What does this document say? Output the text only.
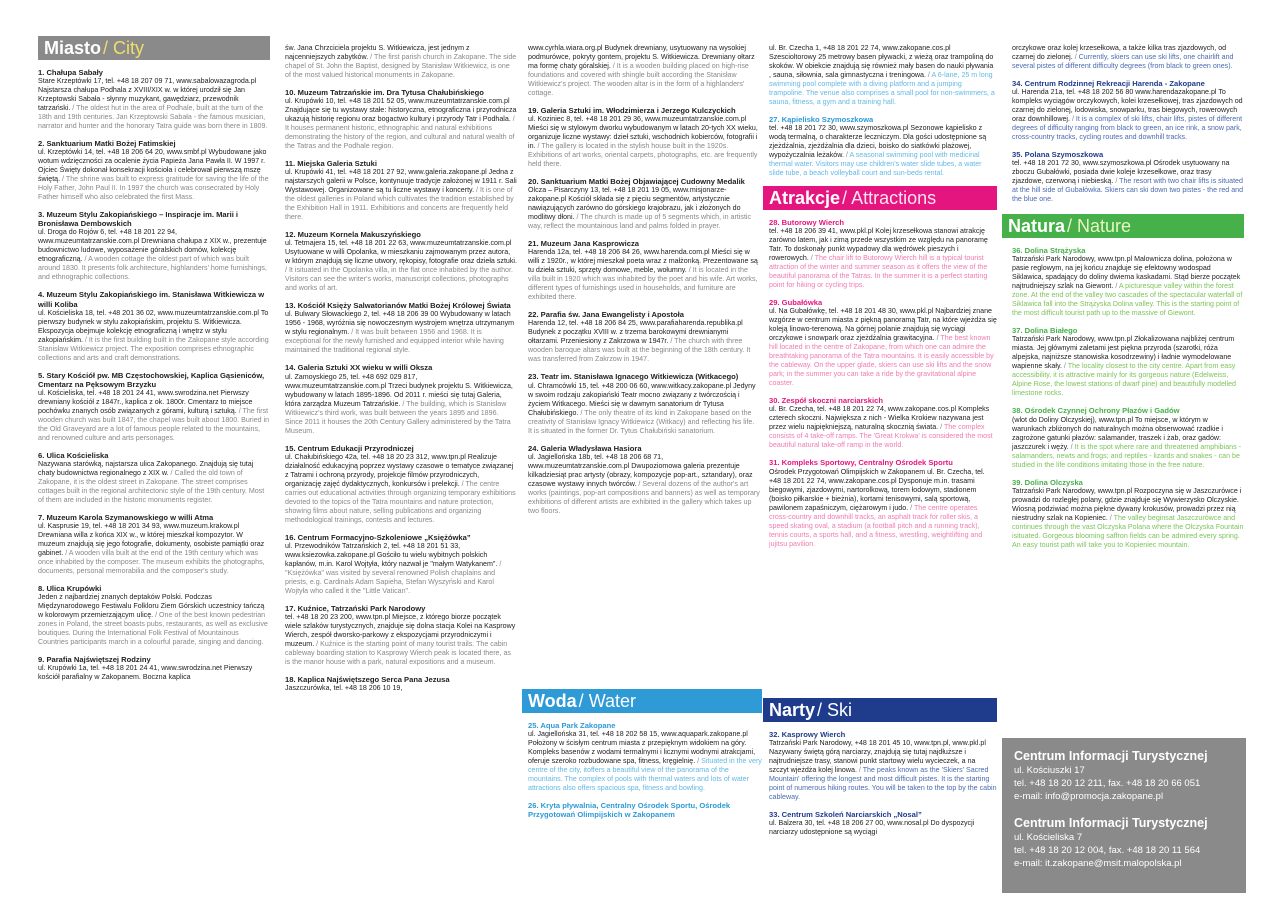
Miasto / City
1. Chałupa Sabały
Stare Krzeptówki 17, tel. +48 18 207 09 71, www.sabalowazagroda.pl Najstarsza chałupa Podhala z XVIII/XIX w. w której urodził się Jan Krzeptowski Sabała - słynny muzykant, gawędziarz, przewodnik tatrzański. / The oldest hut in the area of Podhale, built at the turn of the 18th and 19th centuries. Jan Krzeptowski Sabała - the famous musician, narrator and hunter and the honorary Tatra guide was born there in 1809.
2. Sanktuarium Matki Bożej Fatimskiej
ul. Krzeptówki 14, tel. +48 18 206 64 20, www.smbf.pl Wybudowane jako wotum wdzięczności za ocalenie życia Papieża Jana Pawła II. W 1997 r. Ojciec Święty dokonał konsekracji kościoła i celebrował pierwszą mszę świętą. / The shrine was built to express gratitude for saving the life of the Holy Father, John Paul II. In 1997 the church was consecrated by Holy Father himself who also celebrated the first Mass.
3. Muzeum Stylu Zakopiańskiego – Inspiracje im. Marii i Bronisława Dembowskich
ul. Droga do Rojów 6, tel. +48 18 201 22 94, www.muzeumtatrzanskie.com.pl Drewniana chałupa z XIX w., prezentuje budownictwo ludowe, wyposażenie góralskich domów, kolekcję etnograficzną. / A wooden cottage the oldest part of which was built around 1830. It presents folk architecture, highlanders' home furnishings, and ethnographic collections.
4. Muzeum Stylu Zakopiańskiego im. Stanisława Witkiewicza w willi Koliba
ul. Kościeliska 18, tel. +48 201 36 02, www.muzeumtatrzanskie.com.pl To pierwszy budynek w stylu zakopiańskim, projektu S. Witkiewicza. Ekspozycja obejmuje kolekcję etnograficzną i wnętrz w stylu zakopiańskim. / It is the first building built in the Zakopane style according Stanisław Witkiewicz project. The exposition comprises ethnographic collections and arts and craft demonstrations.
5. Stary Kościół pw. MB Częstochowskiej, Kaplica Gąsieniców, Cmentarz na Pęksowym Brzyzku
ul. Kościeliska, tel. +48 18 201 24 41, www.swrodzina.net Pierwszy drewniany kościół z 1847r., kaplica z ok. 1800r. Cmentarz to miejsce pochówku znanych osób związanych z górami, kulturą i sztuką. / The first wooden church was built 1847, the chapel was built about 1800. Buried in the Old Graveyard are a lot of famous people related to the mountains, and renowned culture and arts personages.
6. Ulica Kościeliska
Nazywana starówką, najstarsza ulica Zakopanego. Znajdują się tutaj chaty budownictwa regionalnego z XIX w. / Called the old town of Zakopane, it is the oldest street in Zakopane. The street comprises cottages built in the regional architectonic style of the 19th century. Most of them are included in the historic monuments register.
7. Muzeum Karola Szymanowskiego w willi Atma
ul. Kasprusie 19, tel. +48 18 201 34 93, www.muzeum.krakow.pl Drewniana willa z końca XIX w., w której mieszkał kompozytor. W muzeum znajdują się jego fotografie, dokumenty, osobiste pamiątki oraz gabinet. / A wooden villa built at the end of the 19th century which was once inhabited by the composer. The museum exhibits the photographs, documents, personal memorabilia and the composer's study.
8. Ulica Krupówki
Jeden z najbardziej znanych deptaków Polski. Podczas Międzynarodowego Festiwalu Folkloru Ziem Górskich uczestnicy tańczą w kolorowym przemierzającym ulicę. / One of the best known pedestrian zones in Poland, the street boasts pubs, restaurants, as well as exclusive boutiques. During the International Folk Festival of Mountainous Countries participants march in a colourful parade, singing and dancing.
9. Parafia Najświętszej Rodziny
ul. Krupówki 1a, tel. +48 18 201 24 41, www.swrodzina.net Pierwszy kościół parafialny w Zakopanem. Boczna kaplica
św. Jana Chrzciciela projektu S. Witkiewicza, jest jednym z najcenniejszych zabytków. / The first parish church in Zakopane. The side chapel of St. John the Baptist, designed by Stanisław Witkiewicz, is one of the most valued historical monuments in Zakopane.
10. Muzeum Tatrzańskie im. Dra Tytusa Chałubińskiego
ul. Krupówki 10, tel. +48 18 201 52 05, www.muzeumtatrzanskie.com.pl Znajdujące się tu wystawy stałe: historyczna, etnograficzna i przyrodnicza ukazują historię regionu oraz bogactwo kultury i przyrody Tatr i Podhala. / It houses permanent historic, ethnographic and natural exhibitions demonstrating the history of the region, and cultural and natural wealth of the Tatras and the Podhale region.
11. Miejska Galeria Sztuki
ul. Krupówki 41, tel. +48 18 201 27 92, www.galeria.zakopane.pl Jedna z najstarszych galerii w Polsce, kontynuuje tradycje założonej w 1911 r. Sali Wystawowej. Organizowane są tu liczne wystawy i koncerty. / It is one of the oldest galleries in Poland which cultivates the tradition established by the Exhibition Hall in 1911. Exhibitions and concerts are frequently held there.
12. Muzeum Kornela Makuszyńskiego
ul. Tetmajera 15, tel. +48 18 201 22 63, www.muzeumtatrzanskie.com.pl Usytuowane w willi Opolanka, w mieszkaniu zajmowanym przez autora, w którym znajdują się liczne utwory, rękopisy, fotografie oraz dzieła sztuki. / It isituated in the Opolanka villa, in the flat once inhabited by the author. Visitors can see the writer's works, manuscript collections, photographs and works of art.
13. Kościół Księży Salwatorianów Matki Bożej Królowej Świata
ul. Bulwary Słowackiego 2, tel. +48 18 206 39 00 Wybudowany w latach 1956 - 1968, wyróżnia się nowoczesnym wystrojem wnętrza utrzymanym w stylu regionalnym. / It was built between 1956 and 1968. It is exceptional for the newly furnished and equipped interior while having maintained the traditional regional style.
14. Galeria Sztuki XX wieku w willi Oksza
ul. Zamoyskiego 25, tel. +48 692 029 817, www.muzeumtatrzanskie.com.pl Trzeci budynek projektu S. Witkiewicza, wybudowany w latach 1895-1896. Od 2011 r. mieści się tutaj Galeria, która zarządza Muzeum Tatrzańskie. / The building, which is Stanisław Witkiewicz's third work, was built between the years 1895 and 1896. Since 2011 it houses the 20th Century Gallery administered by the Tatra Museum.
15. Centrum Edukacji Przyrodniczej
ul. Chałubińskiego 42a, tel. +48 18 20 23 312, www.tpn.pl Realizuje działalność edukacyjną poprzez wystawy czasowe o tematyce związanej z Tatrami i ochroną przyrody, projekcje filmów przyrodniczych, organizację zajęć dydaktycznych, konkursów i prelekcji. / The centre carries out educational activities through organizing temporary exhibitions devoted to the topics of the Tatra mountains and nature protection, showing films about nature, selling publications and organizing methodological trainings, contests and lectures.
16. Centrum Formacyjno-Szkoleniowe „Księżówka”
ul. Przewodników Tatrzańskich 2, tel. +48 18 201 51 33, www.ksiezowka.zakopane.pl Gościło tu wielu wybitnych polskich kapłanów, m.in. Karol Wojtyła, który nazwał je "małym Watykanem". / "Księżówka" was visited by several renowned Polish chaplains and priests, e.g. Cardinals Adam Sapieha, Stefan Wyszyński and Karol Wojtyła who called it the "Little Vatican".
17. Kuźnice, Tatrzański Park Narodowy
tel. +48 18 20 23 200, www.tpn.pl Miejsce, z którego biorze początek wiele szlaków turystycznych, znajduje się dolna stacja Kolei na Kasprowy Wierch, zespół dworsko-parkowy z ekspozycjami przyrodniczymi i muzeum. / Kuźnice is the starting point of many tourist trails. The cabin cableway boarding station to Kasprowy Wierch peak is located there, as is the manor house with a park, natural expositions and a museum.
18. Kaplica Najświętszego Serca Pana Jezusa
Jaszczurówka, tel. +48 18 206 10 19,
www.cyrhla.wiara.org.pl Budynek drewniany, usytuowany na wysokiej podmurówce, pokryty gontem, projektu S. Witkiewicza. Drewniany ołtarz ma formę chaty góralskiej. / It is a wooden building placed on high-rise foundations and covered with shingle built according the Stanisław Witkiewicz's project. The wooden altar is in the form of a highlanders' cottage.
19. Galeria Sztuki im. Włodzimierza i Jerzego Kulczyckich
ul. Koziniec 8, tel. +48 18 201 29 36, www.muzeumtatrzanskie.com.pl Mieści się w stylowym dworku wybudowanym w latach 20-tych XX wieku, organizuje liczne wystawy: dzieł sztuki, wschodnich kobierców, fotografii i in. / The gallery is located in the stylish house built in the 1920s. Exhibitions of art works, oriental carpets, photographs, etc. are frequently held there.
20. Sanktuarium Matki Bożej Objawiającej Cudowny Medalik
Olcza – Pisarczyny 13, tel. +48 18 201 19 05, www.misjonarze-zakopane.pl Kościół składa się z pięciu segmentów, artystycznie nawiązujących zarówno do górskiego krajobrazu, jak i złożonych do modlitwy dłoni. / The church is made up of 5 segments which, in artistic way, reflect the mountainous land and palms folded in prayer.
21. Muzeum Jana Kasprowicza
Harenda 12a, tel. +48 18 206 84 26, www.harenda.com.pl Mieści się w willi z 1920r., w której mieszkał poeta wraz z małżonką. Prezentowane są tu dzieła sztuki, sprzęty domowe, meble, wołumny. / It is located in the villa built in 1920 which was inhabited by the poet and his wife. Art works, different types of furnishings used in households, and furniture are exhibited there.
22. Parafia św. Jana Ewangelisty i Apostoła
Harenda 12, tel. +48 18 206 84 25, www.parafiaharenda.republika.pl Budynek z początku XVIII w. z trzema barokowymi drewnianymi ołtarzami. Przeniesiony z Zakrzowa w 1947r. / The church with three wooden baroque altars was built at the beginning of the 18th century. It was transferred from Zakrzow in 1947.
23. Teatr im. Stanisława Ignacego Witkiewicza (Witkacego)
ul. Chramcówki 15, tel. +48 200 06 60, www.witkacy.zakopane.pl Jedyny w swoim rodzaju zakopiański Teatr mocno związany z twórczością i życiem Witkacego. Mieści się w dawnym sanatorium dr Tytusa Chałubińskiego. / The only theatre of its kind in Zakopane based on the creativity of Stanisław Ignacy Witkiewicz (Witkacy) and reflecting his life. It is situated in the former Dr. Tytus Chałubiński sanatorium.
24. Galeria Władysława Hasiora
ul. Jagiellońska 18b, tel. +48 18 206 68 71, www.muzeumtatrzanskie.com.pl Dwupoziomowa galeria prezentuje kilkadziesiąt prac artysty (obrazy, kompozycje pop-art., sztandary), oraz czasowe wystawy innych twórców. / Several dozens of the author's art works (paintings, pop-art compositions and banners) as well as temporary exhibitions of different artists are exhibited in the gallery which takes up two floors.
Woda / Water
25. Aqua Park Zakopane
ul. Jagiellońska 31, tel. +48 18 202 58 15, www.aquapark.zakopane.pl Położony w ścisłym centrum miasta z przepięknym widokiem na góry. Kompleks basenów z wodami termalnymi i licznymi wodnymi atrakcjami, oferuje szeroko rozbudowane spa, fitness, kręgielnię. / Situated in the very centre of the city, itoffers a beautiful view of the panorama of the mountains. The complex of pools with thermal waters and lots of water attractions also offers spacious spa, fitness and bowling.
26. Kryta pływalnia, Centralny Ośrodek Sportu, Ośrodek Przygotowań Olimpijskich w Zakopanem
ul. Br. Czecha 1, +48 18 201 22 74, www.zakopane.cos.pl Szescioltorowy 25 metrowy basen pływacki, z wieżą oraz trampoliną do skoków. W obiekcie znajdują się również mały basen do nauki pływania , sauna, siłownia, sala gimnastyczna i treningowa. / A 6-lane, 25 m long swimming pool complete with a diving platform and a jumping trampoline. The venue also comprises a small pool for non-swimmers, a sauna, fitness, a gym and a training hall.
27. Kąpielisko Szymoszkowa
tel. +48 18 201 72 30, www.szymoszkowa.pl Sezonowe kąpielisko z wodą termalną, o charakterze leczniczym. Dla gości udostępnione są zjeżdżalnia, zjeżdżalnia dla dzieci, boisko do siatkówki plażowej, wypożyczalnia leżaków. / A seasonal swimming pool with medicinal thermal water. Visitors may use children's water slide tubes, a water slide tube, a beach volleyball court and sun-beds rental.
Atrakcje / Attractions
28. Butorowy Wierch
tel. +48 18 206 39 41, www.pkl.pl Kolej krzesełkowa stanowi atrakcję zarówno latem, jak i zimą przede wszystkim ze względu na panoramę Tatr. To doskonały punkt wypadowy dla wędrówek pieszych i rowerowych. / The chair lift to Butorowy Wierch hill is a typical tourist attraction of the winter and summer season as it offers the view of the beautiful panorama of the Tatras. In the summer it is a perfect starting point for hiking or cycling trips.
29. Gubałówka
ul. Na Gubałówkę, tel. +48 18 201 48 30, www.pkl.pl Najbardziej znane wzgórze w centrum miasta z piękną panoramą Tatr, na które wjeżdża się koleją linowo-terenową. Na górnej polanie znajdują się wyciągi orczykowe i snowpark oraz zjeżdżalnia grawitacyjna. / The best known hill located in the centre of Zakopane, from which one can admire the breathtaking panorama of the Tatra mountains. It is easily accessible by the cableway. On the upper glade, skiers can use ski lifts and the snow park; in the summer you can take a ride by the gravitational alpine coaster.
30. Zespół skoczni narciarskich
ul. Br. Czecha, tel. +48 18 201 22 74, www.zakopane.cos.pl Kompleks czterech skoczni. Największa z nich - Wielka Krokiew nazywana jest przez wielu najpiękniejszą, naturalną skocznią świata. / The complex consists of 4 take-off ramps. The 'Great Krokwa' is considered the most beautiful natural take-off ramp in the world.
31. Kompleks Sportowy, Centralny Ośrodek Sportu
Ośrodek Przygotowań Olimpijskich w Zakopanem ul. Br. Czecha, tel. +48 18 201 22 74, www.zakopane.cos.pl Dysponuje m.in. trasami biegowymi, zjazdowymi, nartorolkową, torem łodowym, stadionem (boisko piłkarskie + bieżnia), kortami tenisowymi, salą sportową, pawilonem zapaśniczym, ciężarowym i judo. / The centre operates cross-country and downhill tracks, an asphalt track for roller skis, a speed skating oval, a stadium (a football pitch and a running track), tennis courts, a sports hall, and a fitness, wrestling, weightlifting and jujitsu pavilion.
Narty / Ski
32. Kasprowy Wierch
Tatrzański Park Narodowy, +48 18 201 45 10, www.tpn.pl, www.pkl.pl Nazywany świętą górą narciarzy, znajdują się tutaj najdłuższe i najtrudniejsze trasy, stanowi punkt startowy wielu wycieczek, a na szczyt wjeżdża kolej linowa. / The peaks known as the 'Skiers' Sacred Mountain' offering the longest and most difficult pistes. It is the starting point of numerous hiking routes. You will be taken to the top by the cabin cableway.
33. Centrum Szkoleń Narciarskich „Nosal”
ul. Balzera 30, tel. +48 18 206 27 00, www.nosal.pl Do dyspozycji narciarzy udostępnione są wyciągi
orczykowe oraz kolej krzesełkowa, a także kilka tras zjazdowych, od czarnej do zielonej. / Currently, skiers can use ski lifts, one chairlift and several pistes of different difficulty degrees (from black to green ones).
34. Centrum Rodzinnej Rekreacji Harenda - Zakopane
ul. Harenda 21a, tel. +48 18 202 56 80 www.harendazakopane.pl To kompleks wyciągów orczykowych, kolei krzesełkowej, tras zjazdowych od czarnej do zielonej, lodowiska, snowparku, tras biegowych, rowerowych oraz downhillowej. / It is a complex of ski lifts, chair lifts, pistes of different degrees of difficulty ranging from black to green, an ice rink, a snow park, cross-country tracks, cycling routes and downhill tracks.
35. Polana Szymoszkowa
tel. +48 18 201 72 30, www.szymoszkowa.pl Ośrodek usytuowany na zboczu Gubałówki, posiada dwie koleje krzesełkowe, oraz trasy zjazdowe, czerwoną i niebieską. / The resort with two chair lifts is situated at the hill side of Gubałówka. Skiers can ski down two pistes - the red and the blue one.
Natura / Nature
36. Dolina Strążyska
Tatrzański Park Narodowy, www.tpn.pl Malownicza dolina, położona w pasie reglowym, na jej końcu znajduje się efektowny wodospad Siklawica, spadający do doliny dwiema kaskadami. Stąd bierze początek najtrudniejszy szlak na Giewont. / A picturesque valley within the forest zone. At the end of the valley two cascades of the spectacular waterfall of Siklawica fall into the Strążyska Dolina valley. This is the starting point of the most difficult tourist path up to the massive of Giewont.
37. Dolina Białego
Tatrzański Park Narodowy, www.tpn.pl Złokalizowana najbliżej centrum miasta. Jej głównymi zaletami jest piękna przyroda (szarotki, róża alpejska, najniższe stanowiska kosodrzewiny) i ładnie wymodelowane wapienne skały. / The locality closest to the city centre. Apart from easy accessibility, it is attractive mainly for its gorgeous nature (Edelweiss, Alpine Rose, the lowest stations of dwarf pine) and beautifully modelled limestone rocks.
38. Ośrodek Czynnej Ochrony Płazów i Gadów
(wlot do Doliny Olczyskiej), www.tpn.pl To miejsce, w którym w warunkach zbliżonych do naturalnych można obserwować rzadkie i zagrożone gatunki płazów: salamander, traszek i żab, oraz gadów: jaszczurek i węży. / It is the spot where rare and threatened amphibians - salamanders, newts and frogs; and reptiles - lizards and snakes - can be studied in the life conditions imitating those in the free nature.
39. Dolina Olczyska
Tatrzański Park Narodowy, www.tpn.pl Rozpoczyna się w Jaszczurówce i prowadzi do rozległej polany, gdzie znajduje się Wywierzysko Olczyskie. Wiosną podziwiać można piękne dywany krokusów, prowadzi przez nią niestrudny szlak na Kopieniec. / The valley beginsat Jaszczurówce and continues through the vast Olczyska Polana where the Olczyska Fountain isituated. Gorgeous blooming saffron fields can be admired every spring. An easy tourist path will take you to Kopieniec mountain.
Centrum Informacji Turystycznej
ul. Kościuszki 17
tel. +48 18 20 12 211, fax. +48 18 20 66 051
e-mail: info@promocja.zakopane.pl
Centrum Informacji Turystycznej
ul. Kościeliska 7
tel. +48 18 20 12 004, fax. +48 18 20 11 564
e-mail: it.zakopane@msit.malopolska.pl
